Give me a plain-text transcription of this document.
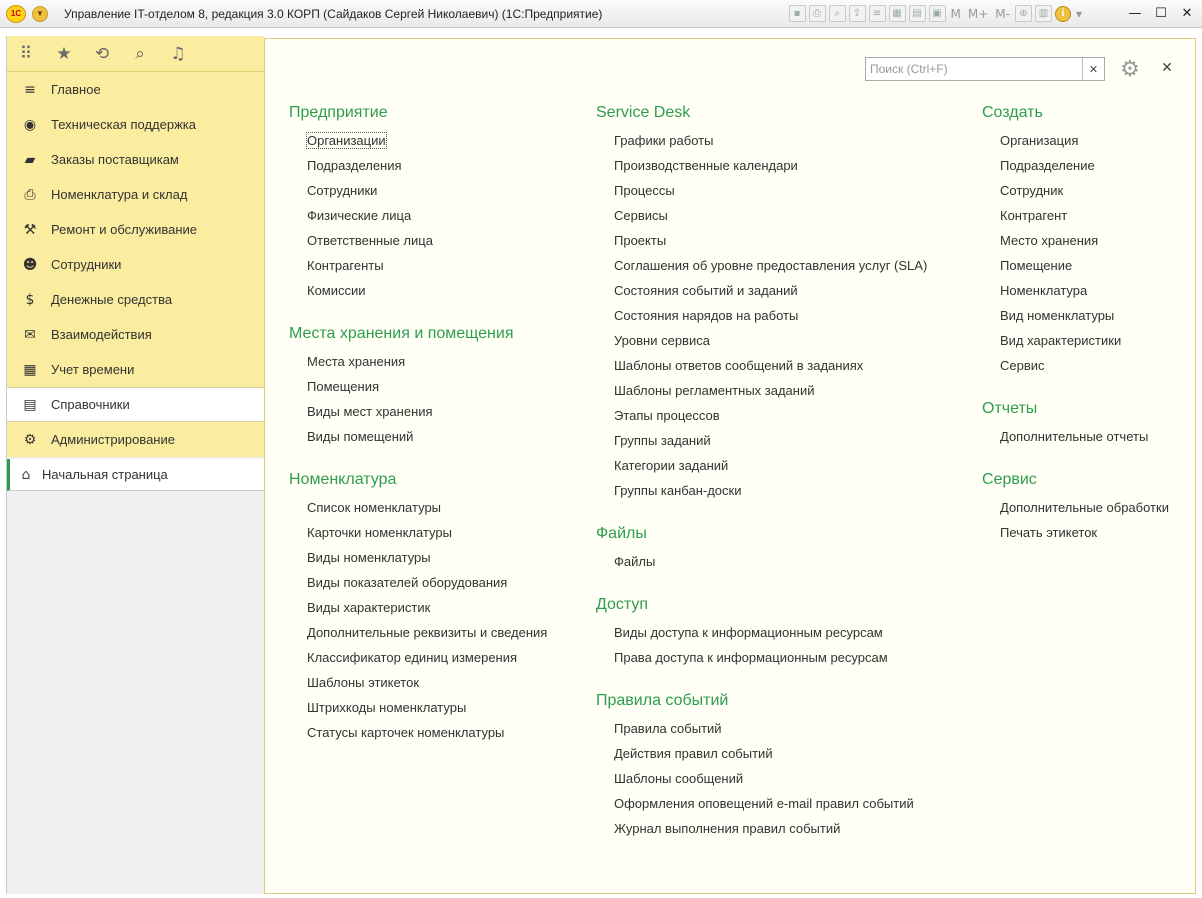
1С	▼	Управление IT-отделом 8, редакция 3.0 КОРП (Сайдаков Сергей Николаевич) (1С:Предприятие)	▪	⎙	⌕	⇪	≡	▦	▤	▣ M M+ M- ⊕	▥	i ▾	— ☐ ✕
⠿ ★ ⟲	⌕	♫
≡ Главное
◉ Техническая поддержка
▰ Заказы поставщикам
⎙ Номенклатура и склад
⚒ Ремонт и обслуживание
☻ Сотрудники
$	Денежные средства
✉ Взаимодействия
▦ Учет времени
▤ Справочники
⚙ Администрирование
⌂ Начальная страница
Поиск (Ctrl+F)	✕ ⚙ ✕
Предприятие
Организации
Подразделения
Сотрудники
Физические лица
Ответственные лица
Контрагенты
Комиссии
Места хранения и помещения
Места хранения
Помещения
Виды мест хранения
Виды помещений
Номенклатура
Список номенклатуры
Карточки номенклатуры
Виды номенклатуры
Виды показателей оборудования
Виды характеристик
Дополнительные реквизиты и сведения
Классификатор единиц измерения
Шаблоны этикеток
Штрихкоды номенклатуры
Статусы карточек номенклатуры
Service Desk
Графики работы
Производственные календари
Процессы
Сервисы
Проекты
Соглашения об уровне предоставления услуг (SLA)
Состояния событий и заданий
Состояния нарядов на работы
Уровни сервиса
Шаблоны ответов сообщений в заданиях
Шаблоны регламентных заданий
Этапы процессов
Группы заданий
Категории заданий
Группы канбан-доски
Файлы
Файлы
Доступ
Виды доступа к информационным ресурсам
Права доступа к информационным ресурсам
Правила событий
Правила событий
Действия правил событий
Шаблоны сообщений
Оформления оповещений e-mail правил событий
Журнал выполнения правил событий
Создать
Организация
Подразделение
Сотрудник
Контрагент
Место хранения
Помещение
Номенклатура
Вид номенклатуры
Вид характеристики
Сервис
Отчеты
Дополнительные отчеты
Сервис
Дополнительные обработки
Печать этикеток
